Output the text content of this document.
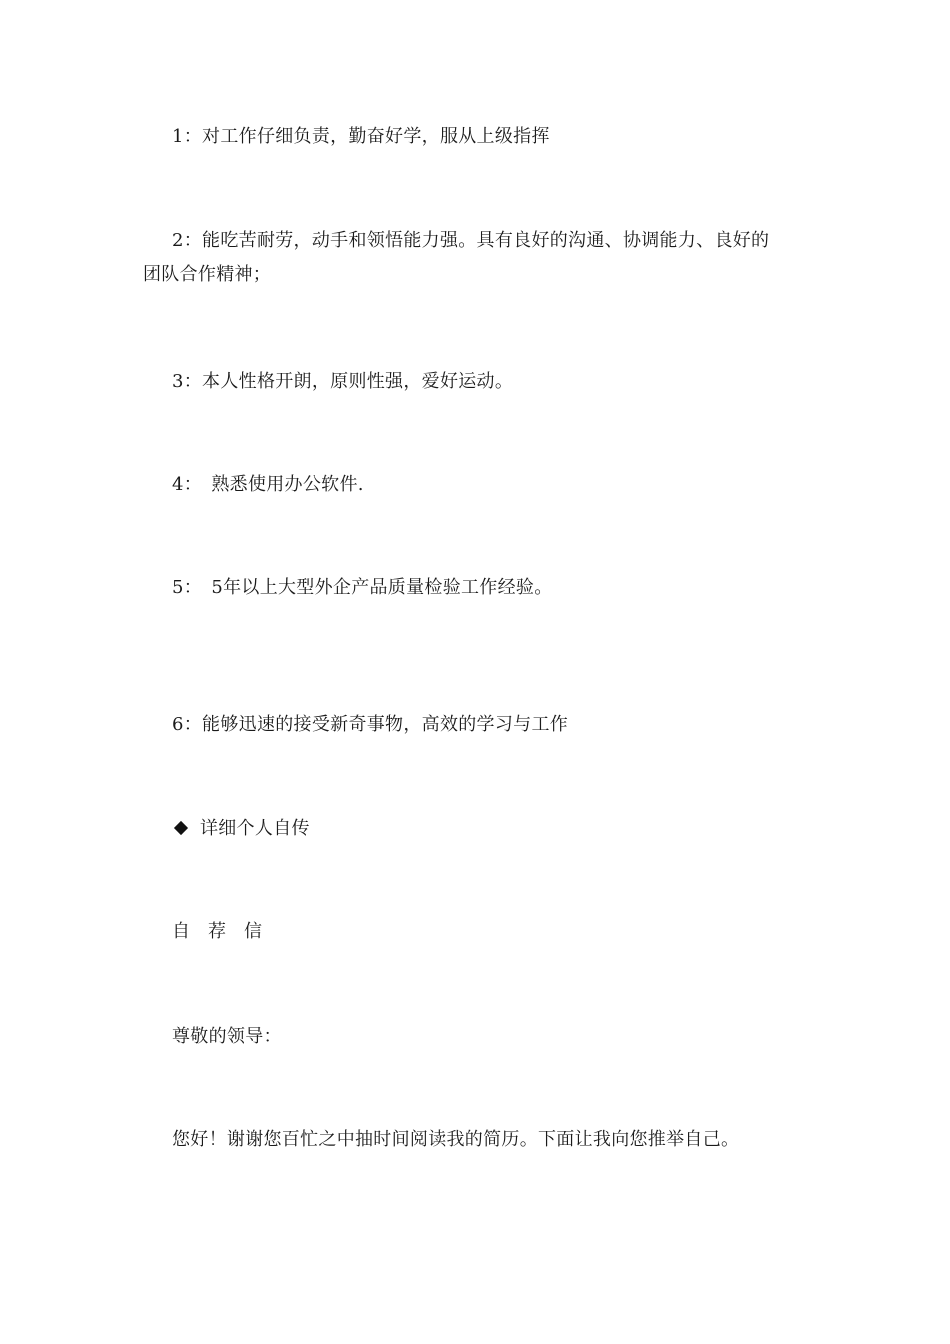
1：对工作仔细负责，勤奋好学，服从上级指挥
2：能吃苦耐劳，动手和领悟能力强。具有良好的沟通、协调能力、良好的团队合作精神；
3：本人性格开朗，原则性强，爱好运动。
4：　熟悉使用办公软件.
5：　5年以上大型外企产品质量检验工作经验。
6：能够迅速的接受新奇事物，高效的学习与工作
详细个人自传
自荐信
尊敬的领导：
您好！谢谢您百忙之中抽时间阅读我的简历。下面让我向您推举自己。
